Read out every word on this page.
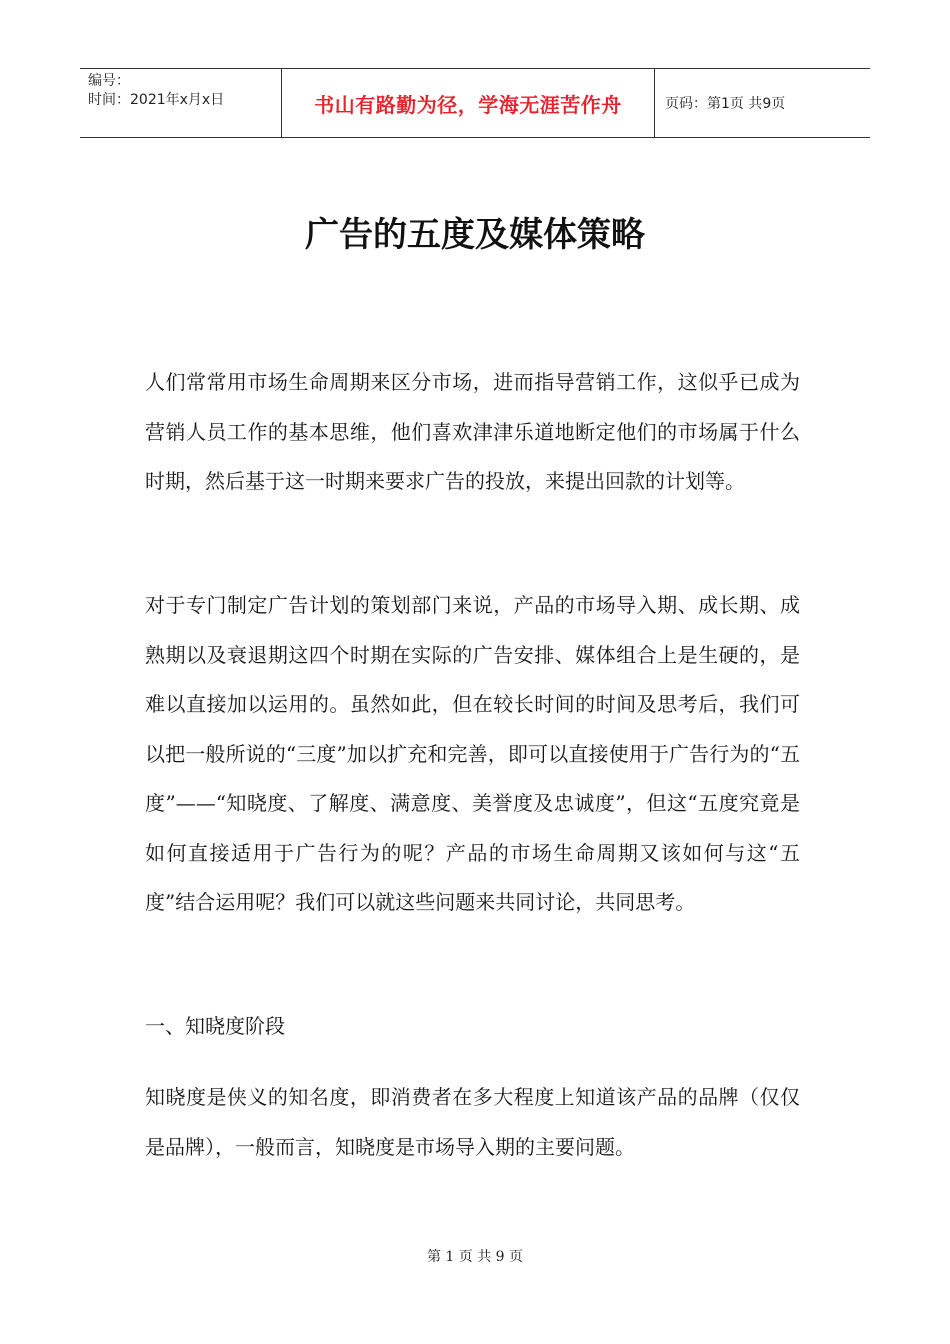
编号：
时间：2021年x月x日	书山有路勤为径，学海无涯苦作舟	页码：第1页 共9页
广告的五度及媒体策略

人们常常用市场生命周期来区分市场，进而指导营销工作，这似乎已成为营销人员工作的基本思维，他们喜欢津津乐道地断定他们的市场属于什么时期，然后基于这一时期来要求广告的投放，来提出回款的计划等。

对于专门制定广告计划的策划部门来说，产品的市场导入期、成长期、成熟期以及衰退期这四个时期在实际的广告安排、媒体组合上是生硬的，是难以直接加以运用的。虽然如此，但在较长时间的时间及思考后，我们可以把一般所说的“三度”加以扩充和完善，即可以直接使用于广告行为的“五度”——“知晓度、了解度、满意度、美誉度及忠诚度”，但这“五度究竟是如何直接适用于广告行为的呢？产品的市场生命周期又该如何与这“五度”结合运用呢？我们可以就这些问题来共同讨论，共同思考。

一、知晓度阶段

知晓度是侠义的知名度，即消费者在多大程度上知道该产品的品牌（仅仅是品牌），一般而言，知晓度是市场导入期的主要问题。

第 1 页 共 9 页
